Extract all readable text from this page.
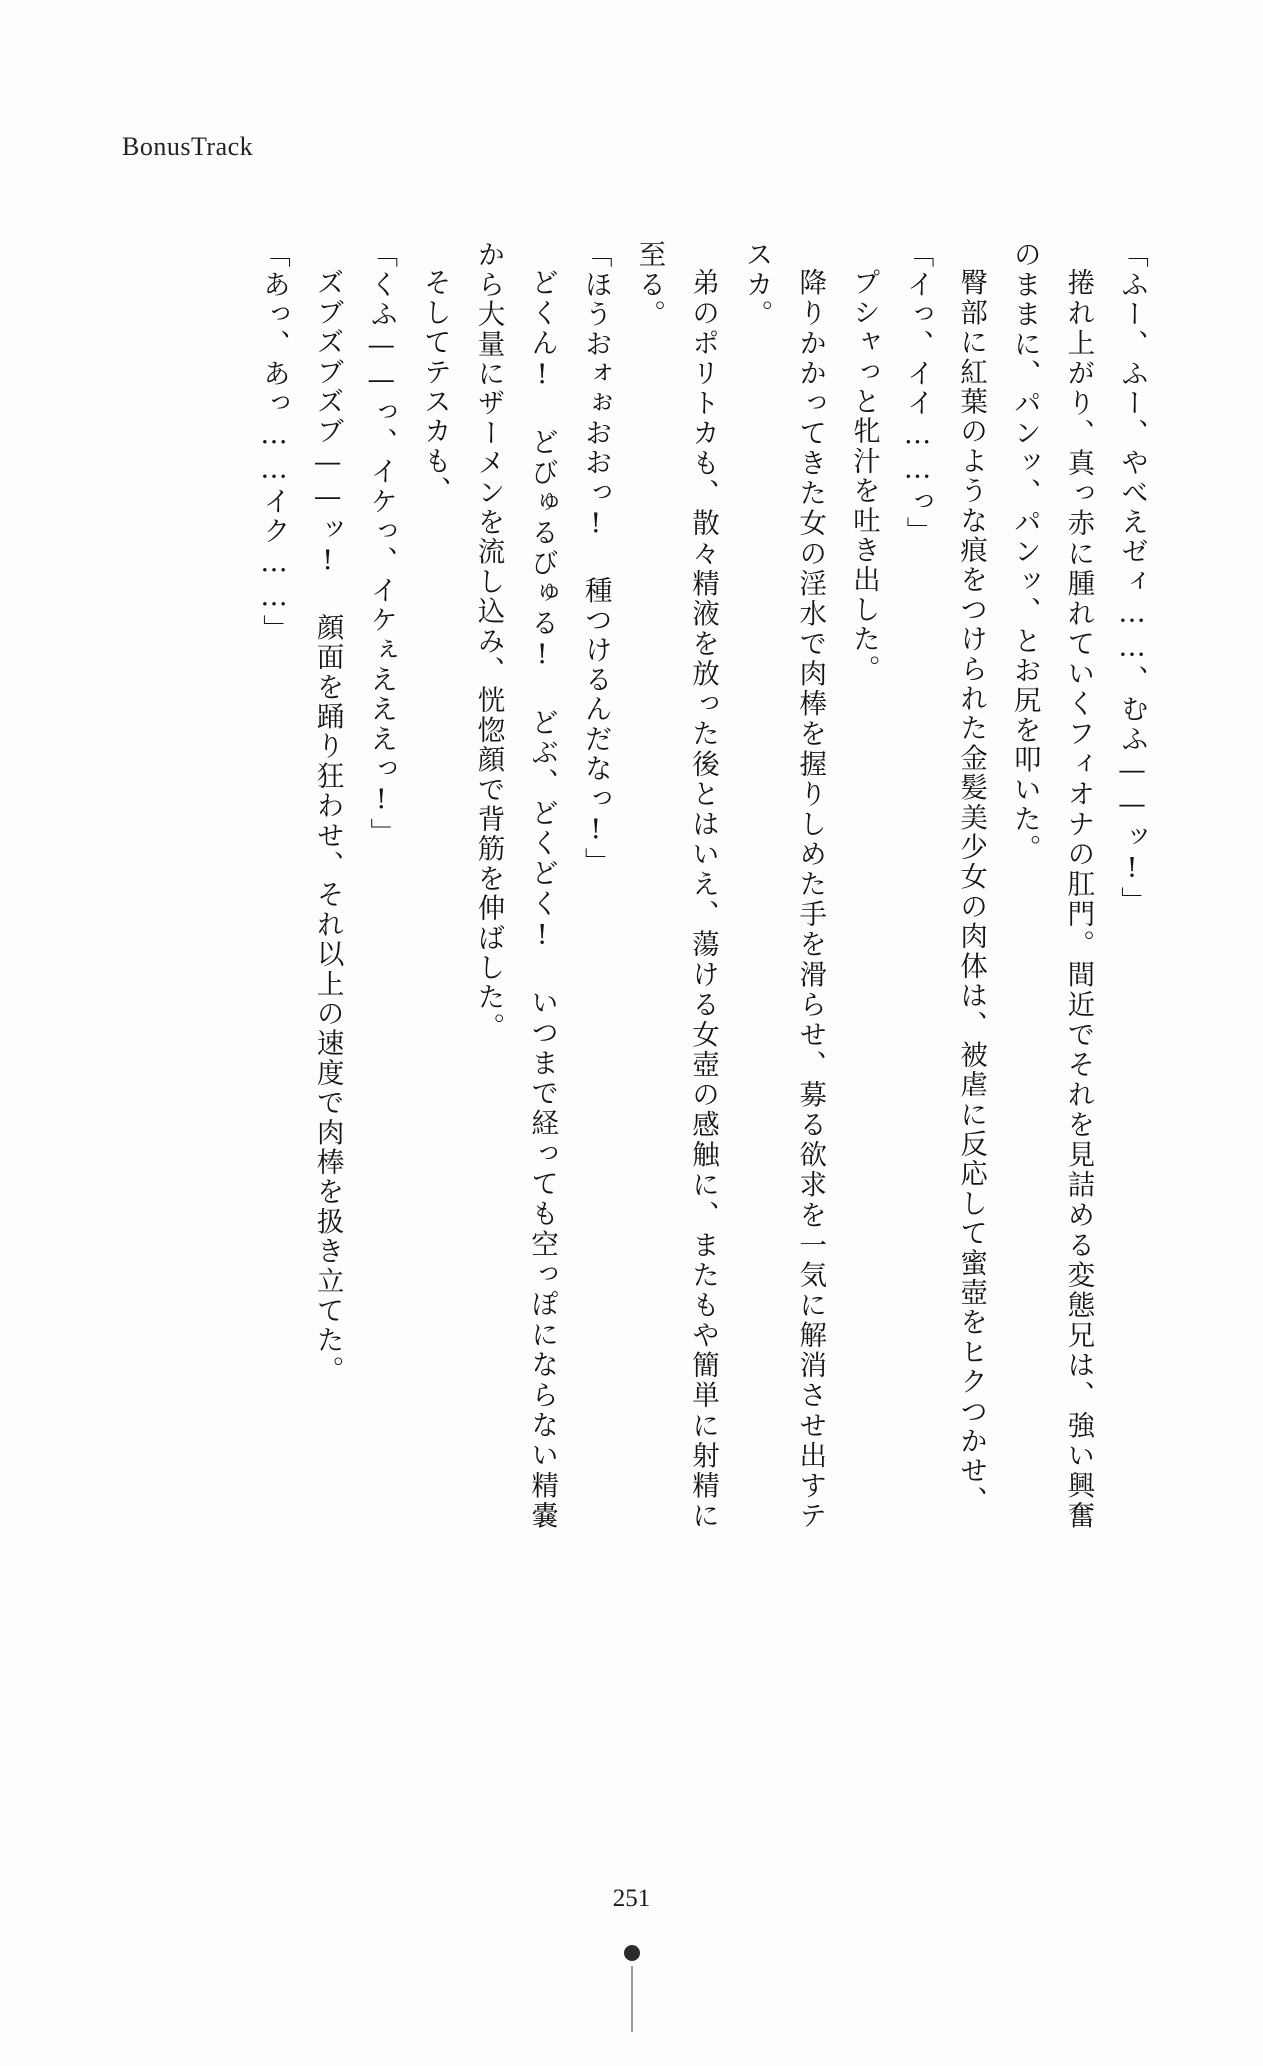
BonusTrack

「ふー、ふー、やべえゼィ……、むふ——ッ!」

捲れ上がり、真っ赤に腫れていくフィオナの肛門。間近でそれを見詰める変態兄は、強い興奮のままに、パンッ、パンッ、とお尻を叩いた。

臀部に紅葉のような痕をつけられた金髪美少女の肉体は、被虐に反応して蜜壺をヒクつかせ、

「イっ、イイ……っ」

プシャっと牝汁を吐き出した。

降りかかってきた女の淫水で肉棒を握りしめた手を滑らせ、募る欲求を一気に解消させ出すテスカ。

弟のポリトカも、散々精液を放った後とはいえ、蕩ける女壺の感触に、またもや簡単に射精に至る。

「ほうおォぉおおっ! 種つけるんだなっ!」

どくん! どびゅるびゅる! どぶ、どくどく! いつまで経っても空っぽにならない精嚢から大量にザーメンを流し込み、恍惚顔で背筋を伸ばした。

そしてテスカも、

「くふ——っ、イケっ、イケぇえええっ!」

ズブズブズブ——ッ! 顔面を踊り狂わせ、それ以上の速度で肉棒を扱き立てた。

「あっ、あっ……イク……」

251
